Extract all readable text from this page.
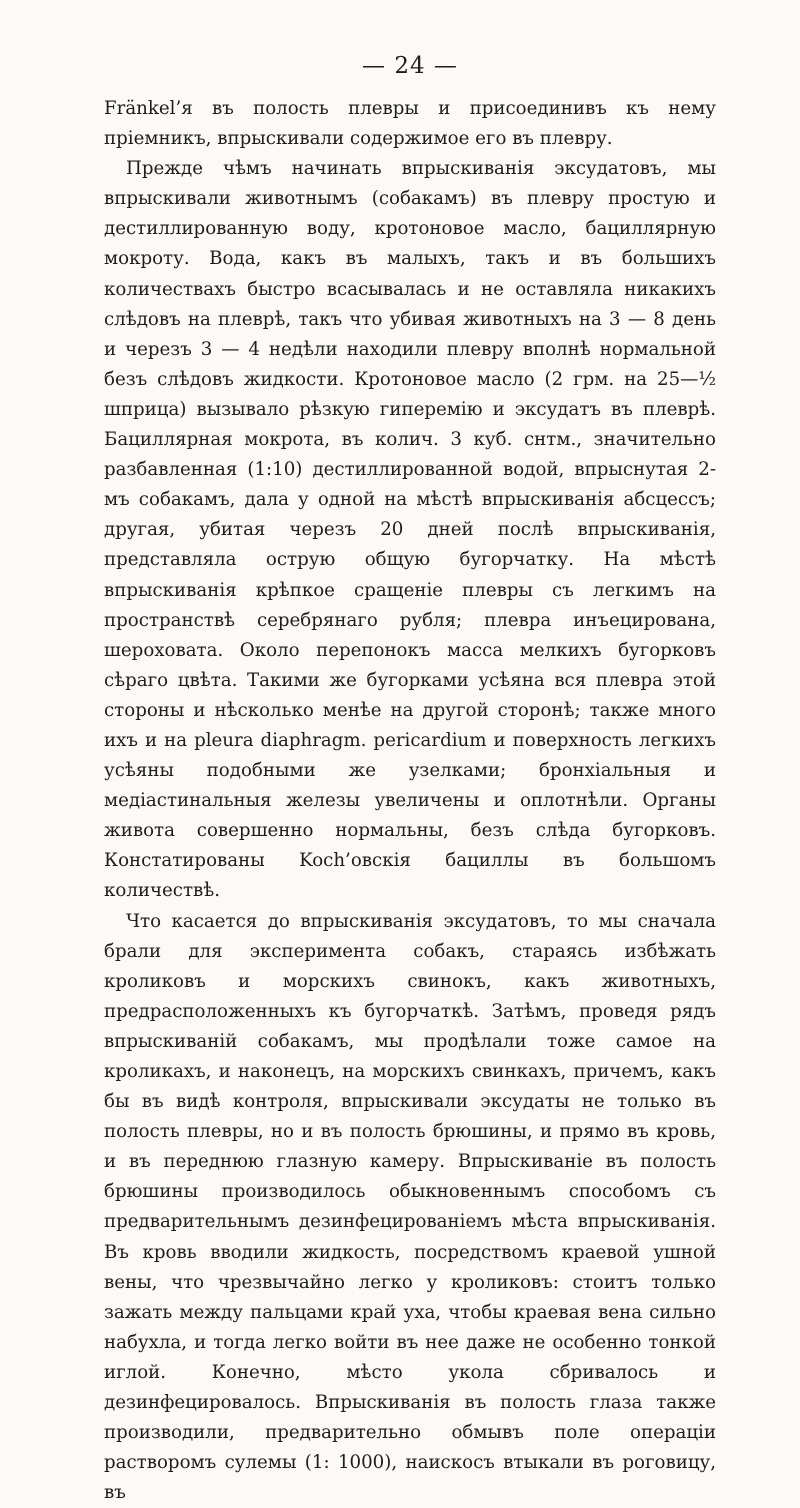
— 24 —

Fränkel’я въ полость плевры и присоединивъ къ нему пріемникъ, впрыскивали содержимое его въ плевру.

Прежде чѣмъ начинать впрыскиванія эксудатовъ, мы впрыскивали животнымъ (собакамъ) въ плевру простую и дестиллированную воду, кротоновое масло, бациллярную мокроту. Вода, какъ въ малыхъ, такъ и въ большихъ количествахъ быстро всасывалась и не оставляла никакихъ слѣдовъ на плеврѣ, такъ что убивая животныхъ на 3 — 8 день и черезъ 3 — 4 недѣли находили плевру вполнѣ нормальной безъ слѣдовъ жидкости. Кротоновое масло (2 грм. на 25—½ шприца) вызывало рѣзкую гиперемію и эксудатъ въ плеврѣ. Бациллярная мокрота, въ колич. 3 куб. снтм., значительно разбавленная (1:10) дестиллированной водой, впрыснутая 2-мъ собакамъ, дала у одной на мѣстѣ впрыскиванія абсцессъ; другая, убитая черезъ 20 дней послѣ впрыскиванія, представляла острую общую бугорчатку. На мѣстѣ впрыскиванія крѣпкое сращеніе плевры съ легкимъ на пространствѣ серебрянаго рубля; плевра инъецирована, шероховата. Около перепонокъ масса мелкихъ бугорковъ сѣраго цвѣта. Такими же бугорками усѣяна вся плевра этой стороны и нѣсколько менѣе на другой сторонѣ; также много ихъ и на pleura diaphragm. pericardium и поверхность легкихъ усѣяны подобными же узелками; бронхіальныя и медіастинальныя железы увеличены и оплотнѣли. Органы живота совершенно нормальны, безъ слѣда бугорковъ. Констатированы Koch’овскія бациллы въ большомъ количествѣ.

Что касается до впрыскиванія эксудатовъ, то мы сначала брали для эксперимента собакъ, стараясь избѣжать кроликовъ и морскихъ свинокъ, какъ животныхъ, предрасположенныхъ къ бугорчаткѣ. Затѣмъ, проведя рядъ впрыскиваній собакамъ, мы продѣлали тоже самое на кроликахъ, и наконецъ, на морскихъ свинкахъ, причемъ, какъ бы въ видѣ контроля, впрыскивали эксудаты не только въ полость плевры, но и въ полость брюшины, и прямо въ кровь, и въ переднюю глазную камеру. Впрыскиваніе въ полость брюшины производилось обыкновеннымъ способомъ съ предварительнымъ дезинфецированіемъ мѣста впрыскиванія. Въ кровь вводили жидкость, посредствомъ краевой ушной вены, что чрезвычайно легко у кроликовъ: стоитъ только зажать между пальцами край уха, чтобы краевая вена сильно набухла, и тогда легко войти въ нее даже не особенно тонкой иглой. Конечно, мѣсто укола сбривалось и дезинфецировалось. Впрыскиванія въ полость глаза также производили, предварительно обмывъ поле операціи растворомъ сулемы (1: 1000), наискосъ втыкали въ роговицу, въ
